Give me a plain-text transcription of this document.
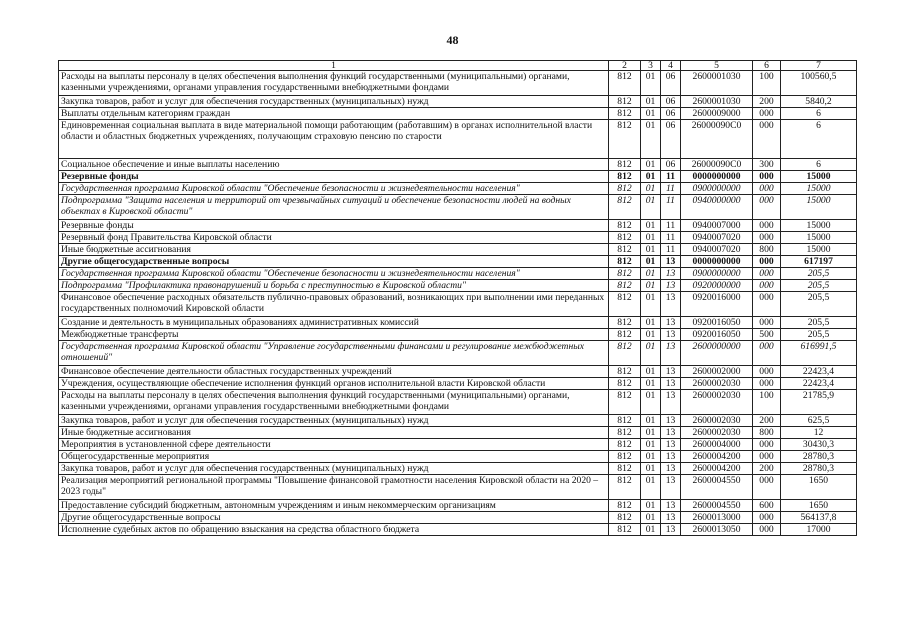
48
1	2	3	4	5	6	7
Расходы на выплаты персоналу в целях обеспечения выполнения функций государственными (муниципальными) органами, казенными учреждениями, органами управления государственными внебюджетными фондами	812	01	06	2600001030	100	100560,5
Закупка товаров, работ и услуг для обеспечения государственных (муниципальных) нужд	812	01	06	2600001030	200	5840,2
Выплаты отдельным категориям граждан	812	01	06	2600009000	000	6
Единовременная социальная выплата в виде материальной помощи работающим (работавшим) в органах исполнительной власти области и областных бюджетных учреждениях, получающим страховую пенсию по старости	812	01	06	26000090C0	000	6
Социальное обеспечение и иные выплаты населению	812	01	06	26000090C0	300	6
Резервные фонды	812	01	11	0000000000	000	15000
Государственная программа Кировской области "Обеспечение безопасности и жизнедеятельности населения"	812	01	11	0900000000	000	15000
Подпрограмма "Защита населения и территорий от чрезвычайных ситуаций и обеспечение безопасности людей на водных объектах в Кировской области"	812	01	11	0940000000	000	15000
Резервные фонды	812	01	11	0940007000	000	15000
Резервный фонд Правительства Кировской области	812	01	11	0940007020	000	15000
Иные бюджетные ассигнования	812	01	11	0940007020	800	15000
Другие общегосударственные вопросы	812	01	13	0000000000	000	617197
Государственная программа Кировской области "Обеспечение безопасности и жизнедеятельности населения"	812	01	13	0900000000	000	205,5
Подпрограмма "Профилактика правонарушений и борьба с преступностью в Кировской области"	812	01	13	0920000000	000	205,5
Финансовое обеспечение расходных обязательств публично-правовых образований, возникающих при выполнении ими переданных государственных полномочий Кировской области	812	01	13	0920016000	000	205,5
Создание и деятельность в муниципальных образованиях административных комиссий	812	01	13	0920016050	000	205,5
Межбюджетные трансферты	812	01	13	0920016050	500	205,5
Государственная программа Кировской области "Управление государственными финансами и регулирование межбюджетных отношений"	812	01	13	2600000000	000	616991,5
Финансовое обеспечение деятельности областных государственных учреждений	812	01	13	2600002000	000	22423,4
Учреждения, осуществляющие обеспечение исполнения функций органов исполнительной власти Кировской области	812	01	13	2600002030	000	22423,4
Расходы на выплаты персоналу в целях обеспечения выполнения функций государственными (муниципальными) органами, казенными учреждениями, органами управления государственными внебюджетными фондами	812	01	13	2600002030	100	21785,9
Закупка товаров, работ и услуг для обеспечения государственных (муниципальных) нужд	812	01	13	2600002030	200	625,5
Иные бюджетные ассигнования	812	01	13	2600002030	800	12
Мероприятия в установленной сфере деятельности	812	01	13	2600004000	000	30430,3
Общегосударственные мероприятия	812	01	13	2600004200	000	28780,3
Закупка товаров, работ и услуг для обеспечения государственных (муниципальных) нужд	812	01	13	2600004200	200	28780,3
Реализация мероприятий региональной программы "Повышение финансовой грамотности населения Кировской области на 2020 – 2023 годы"	812	01	13	2600004550	000	1650
Предоставление субсидий бюджетным, автономным учреждениям и иным некоммерческим организациям	812	01	13	2600004550	600	1650
Другие общегосударственные вопросы	812	01	13	2600013000	000	564137,8
Исполнение судебных актов по обращению взыскания на средства областного бюджета	812	01	13	2600013050	000	17000
